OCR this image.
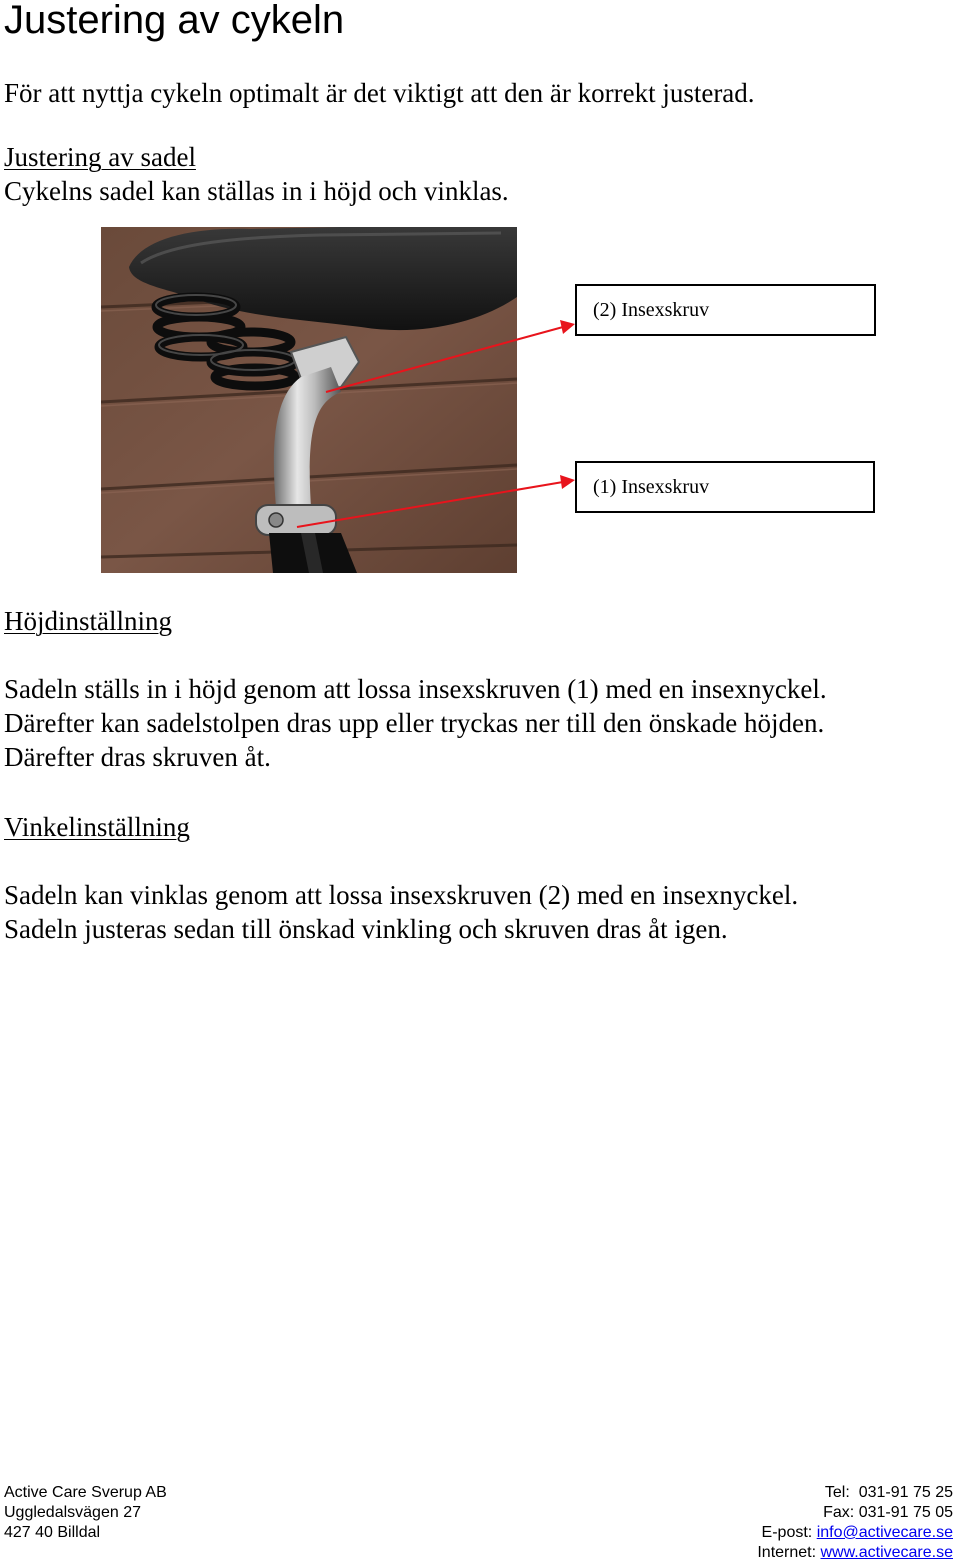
Justering av cykeln
För att nyttja cykeln optimalt är det viktigt att den är korrekt justerad.
Justering av sadel
Cykelns sadel kan ställas in i höjd och vinklas.
(2) Insexskruv
(1) Insexskruv
Höjdinställning
Sadeln ställs in i höjd genom att lossa insexskruven (1) med en insexnyckel.
Därefter kan sadelstolpen dras upp eller tryckas ner till den önskade höjden.
Därefter dras skruven åt.
Vinkelinställning
Sadeln kan vinklas genom att lossa insexskruven (2) med en insexnyckel.
Sadeln justeras sedan till önskad vinkling och skruven dras åt igen.
Active Care Sverup AB
Uggledalsvägen 27
427 40 Billdal
Tel: 031-91 75 25
Fax: 031-91 75 05
E-post: info@activecare.se
Internet: www.activecare.se
